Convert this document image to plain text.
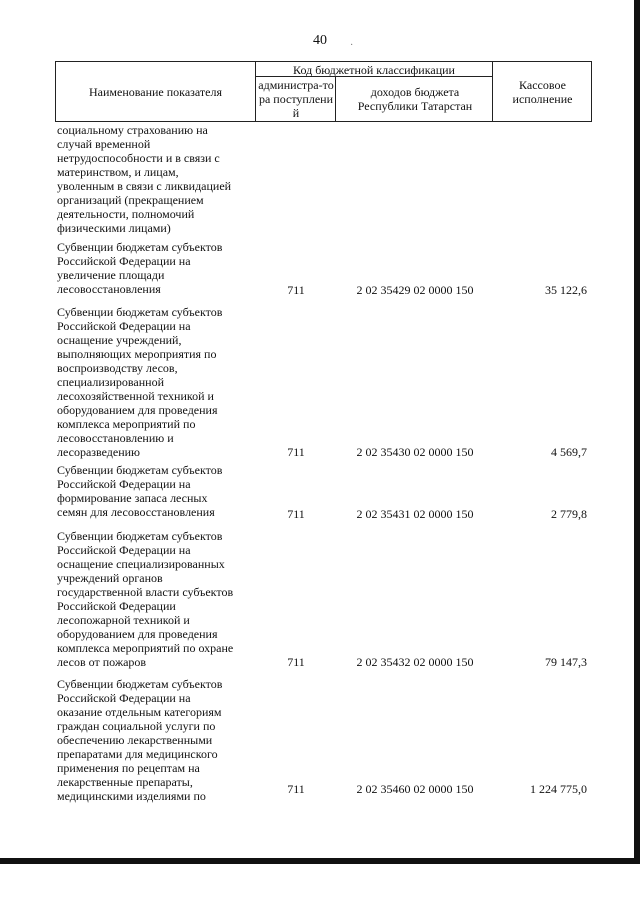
40	·
Наименование показателя
Код бюджетной классификации
администра-тора поступлений
доходов бюджета Республики Татарстан
Кассовое исполнение
социальному страхованию на
случай временной
нетрудоспособности и в связи с
материнством, и лицам,
уволенным в связи с ликвидацией
организаций (прекращением
деятельности, полномочий
физическими лицами)
Субвенции бюджетам субъектов
Российской Федерации на
увеличение площади
лесовосстановления	711	2 02 35429 02 0000 150	35 122,6
Субвенции бюджетам субъектов
Российской Федерации на
оснащение учреждений,
выполняющих мероприятия по
воспроизводству лесов,
специализированной
лесохозяйственной техникой и
оборудованием для проведения
комплекса мероприятий по
лесовосстановлению и
лесоразведению	711	2 02 35430 02 0000 150	4 569,7
Субвенции бюджетам субъектов
Российской Федерации на
формирование запаса лесных
семян для лесовосстановления	711	2 02 35431 02 0000 150	2 779,8
Субвенции бюджетам субъектов
Российской Федерации на
оснащение специализированных
учреждений органов
государственной власти субъектов
Российской Федерации
лесопожарной техникой и
оборудованием для проведения
комплекса мероприятий по охране
лесов от пожаров	711	2 02 35432 02 0000 150	79 147,3
Субвенции бюджетам субъектов
Российской Федерации на
оказание отдельным категориям
граждан социальной услуги по
обеспечению лекарственными
препаратами для медицинского
применения по рецептам на
лекарственные препараты,
медицинскими изделиями по	711	2 02 35460 02 0000 150	1 224 775,0
